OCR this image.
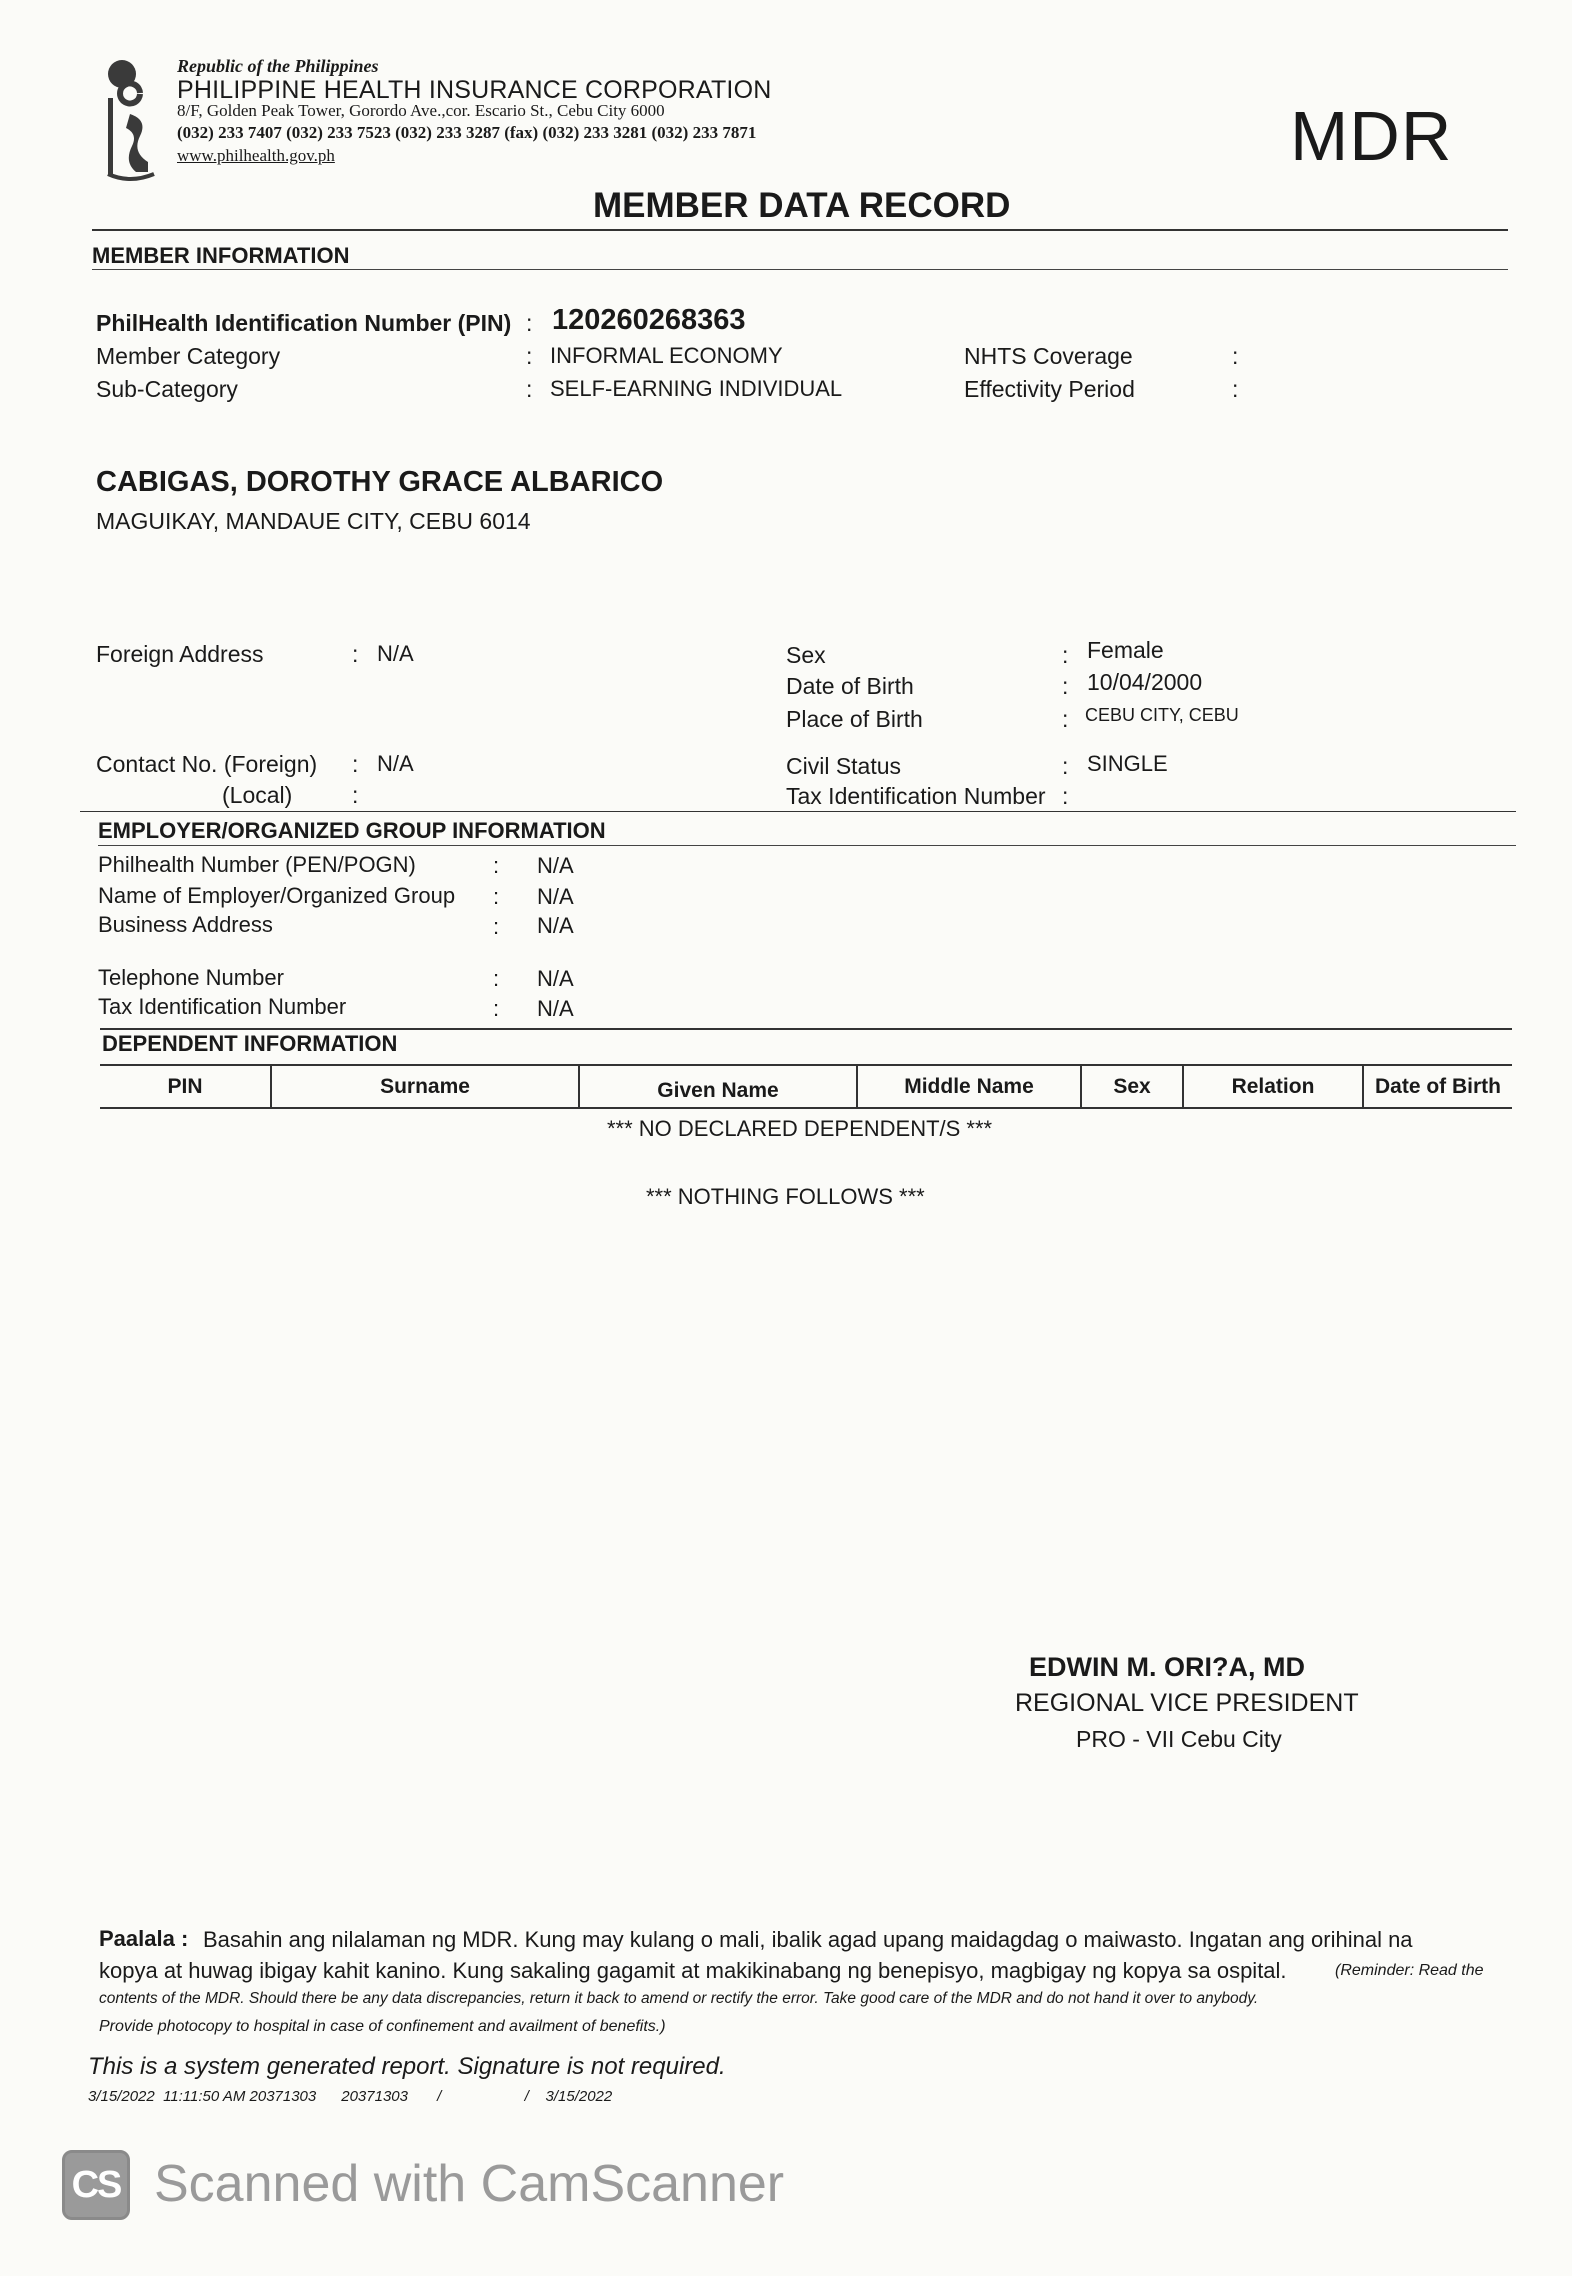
Republic of the Philippines
PHILIPPINE HEALTH INSURANCE CORPORATION
8/F, Golden Peak Tower, Gorordo Ave.,cor. Escario St., Cebu City 6000
(032) 233 7407 (032) 233 7523 (032) 233 3287 (fax) (032) 233 3281 (032) 233 7871
www.philhealth.gov.ph	MDR
MEMBER DATA RECORD
MEMBER INFORMATION
PhilHealth Identification Number (PIN) : 120260268363
Member Category	: INFORMAL ECONOMY
Sub-Category	: SELF-EARNING INDIVIDUAL
NHTS Coverage	:
Effectivity Period	:
CABIGAS, DOROTHY GRACE ALBARICO
MAGUIKAY, MANDAUE CITY, CEBU 6014
Foreign Address	: N/A
Contact No. (Foreign) : N/A
(Local)	:
Sex	: Female
Date of Birth	: 10/04/2000
Place of Birth	: CEBU CITY, CEBU
Civil Status	: SINGLE
Tax Identification Number :
EMPLOYER/ORGANIZED GROUP INFORMATION
Philhealth Number (PEN/POGN)	: N/A
Name of Employer/Organized Group : N/A
Business Address	: N/A
Telephone Number	: N/A
Tax Identification Number	: N/A
DEPENDENT INFORMATION
PIN	Surname	Given Name	Middle Name	Sex	Relation	Date of Birth
*** NO DECLARED DEPENDENT/S ***
*** NOTHING FOLLOWS ***
EDWIN M. ORI?A, MD
REGIONAL VICE PRESIDENT
PRO - VII Cebu City
Paalala : Basahin ang nilalaman ng MDR. Kung may kulang o mali, ibalik agad upang maidagdag o maiwasto. Ingatan ang orihinal na
kopya at huwag ibigay kahit kanino. Kung sakaling gagamit at makikinabang ng benepisyo, magbigay ng kopya sa ospital.	(Reminder: Read the
contents of the MDR. Should there be any data discrepancies, return it back to amend or rectify the error. Take good care of the MDR and do not hand it over to anybody.
Provide photocopy to hospital in case of confinement and availment of benefits.)
This is a system generated report. Signature is not required.
3/15/2022  11:11:50 AM 20371303      20371303       /                    /    3/15/2022
CS Scanned with CamScanner
